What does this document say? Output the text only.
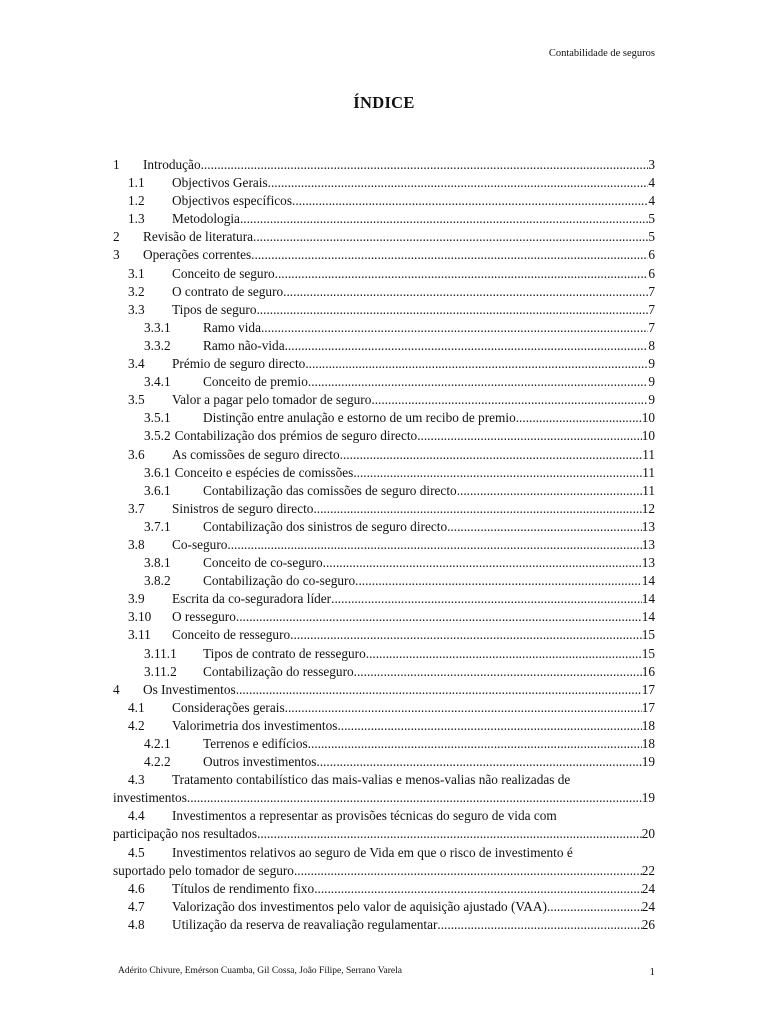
Contabilidade de seguros
ÍNDICE
1	Introdução .....	3
1.1	Objectivos Gerais .....	4
1.2	Objectivos específicos .....	4
1.3	Metodologia .....	5
2	Revisão de literatura .....	5
3	Operações correntes .....	6
3.1	Conceito de seguro .....	6
3.2	O contrato de seguro .....	7
3.3	Tipos de seguro .....	7
3.3.1	Ramo vida .....	7
3.3.2	Ramo não-vida .....	8
3.4	Prémio de seguro directo .....	9
3.4.1	Conceito de premio .....	9
3.5	Valor a pagar pelo tomador de seguro .....	9
3.5.1	Distinção entre anulação e estorno de um recibo de premio .....	10
3.5.2 Contabilização dos prémios de seguro directo .....	10
3.6	As comissões de seguro directo .....	11
3.6.1 Conceito e espécies de comissões .....	11
3.6.1	Contabilização das comissões de seguro directo .....	11
3.7	Sinistros de seguro directo .....	12
3.7.1	Contabilização dos sinistros de seguro directo .....	13
3.8	Co-seguro .....	13
3.8.1	Conceito de co-seguro .....	13
3.8.2	Contabilização do co-seguro .....	14
3.9	Escrita da co-seguradora líder .....	14
3.10	O resseguro .....	14
3.11	Conceito de resseguro .....	15
3.11.1	Tipos de contrato de resseguro .....	15
3.11.2	Contabilização do resseguro .....	16
4	Os Investimentos .....	17
4.1	Considerações gerais .....	17
4.2	Valorimetria dos investimentos .....	18
4.2.1	Terrenos e edifícios .....	18
4.2.2	Outros investimentos .....	19
4.3	Tratamento contabilístico das mais-valias e menos-valias não realizadas de
investimentos .....	19
4.4	Investimentos a representar as provisões técnicas do seguro de vida com
participação nos resultados .....	20
4.5	Investimentos relativos ao seguro de Vida em que o risco de investimento é
suportado pelo tomador de seguro .....	22
4.6	Títulos de rendimento fixo .....	24
4.7	Valorização dos investimentos pelo valor de aquisição ajustado (VAA) .....	24
4.8	Utilização da reserva de reavaliação regulamentar .....	26
Adérito Chivure, Emérson Cuamba, Gil Cossa, João Filipe, Serrano Varela	1
